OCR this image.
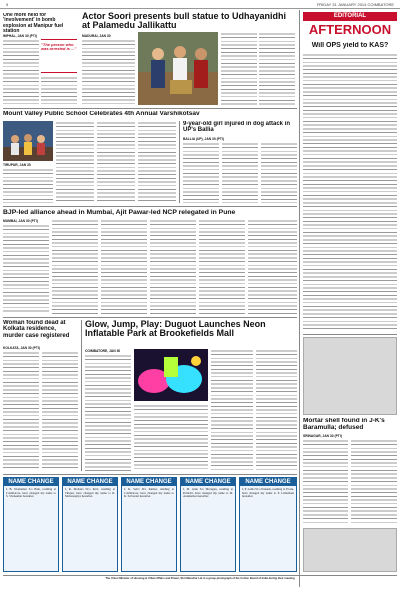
5	FRIDAY 31 JANUARY 2014 COIMBATORE
One more held for 'involvement' in bomb explosion at Manipur fuel station
IMPHAL, JAN 30 (PTI)
"The person who was arrested is ..."
Actor Soori presents bull statue to Udhayanidhi at Palamedu Jallikattu
MADURAI, JAN 30
EDITORIAL
AFTERNOON
Will OPS yield to KAS?
Mount Valley Public School Celebrates 4th Annual Varshikotsav
TIRUPUR, JAN 30
9-year-old girl injured in dog attack in UP's Ballia
BALLIA (UP), JAN 30 (PTI)
BJP-led alliance ahead in Mumbai, Ajit Pawar-led NCP relegated in Pune
MUMBAI, JAN 30 (PTI)
Woman found dead at Kolkata residence, murder case registered
KOLKATA, JAN 30 (PTI)
Glow, Jump, Play: Duguot Launches Neon Inflatable Park at Brookefields Mall
COIMBATORE, JAN 30
Mortar shell found in J-K's Baramulla; defused
SRINAGAR, JAN 30 (PTI)
NAME CHANGE
I, B. Sivakumar S/o Balu, residing at Coimbatore, have changed my name to S. Sivakumar hereafter.
NAME CHANGE
I, R. Mohana W/o Ravi, residing at Tirupur, have changed my name to R. Mohanapriya hereafter.
NAME CHANGE
I, K. Selvi D/o Kumar, residing at Coimbatore, have changed my name to K. Selvarani hereafter.
NAME CHANGE
I, M. Arun S/o Murugan, residing at Pollachi, have changed my name to M. Arunkumar hereafter.
NAME CHANGE
I, P. Latha W/o Prakash, residing at Erode, have changed my name to P. Lathamani hereafter.
The Union Minister of Housing & Urban Affairs and Power, Shri Manohar Lal in a group photograph of the Cotton Board of India during their meeting
